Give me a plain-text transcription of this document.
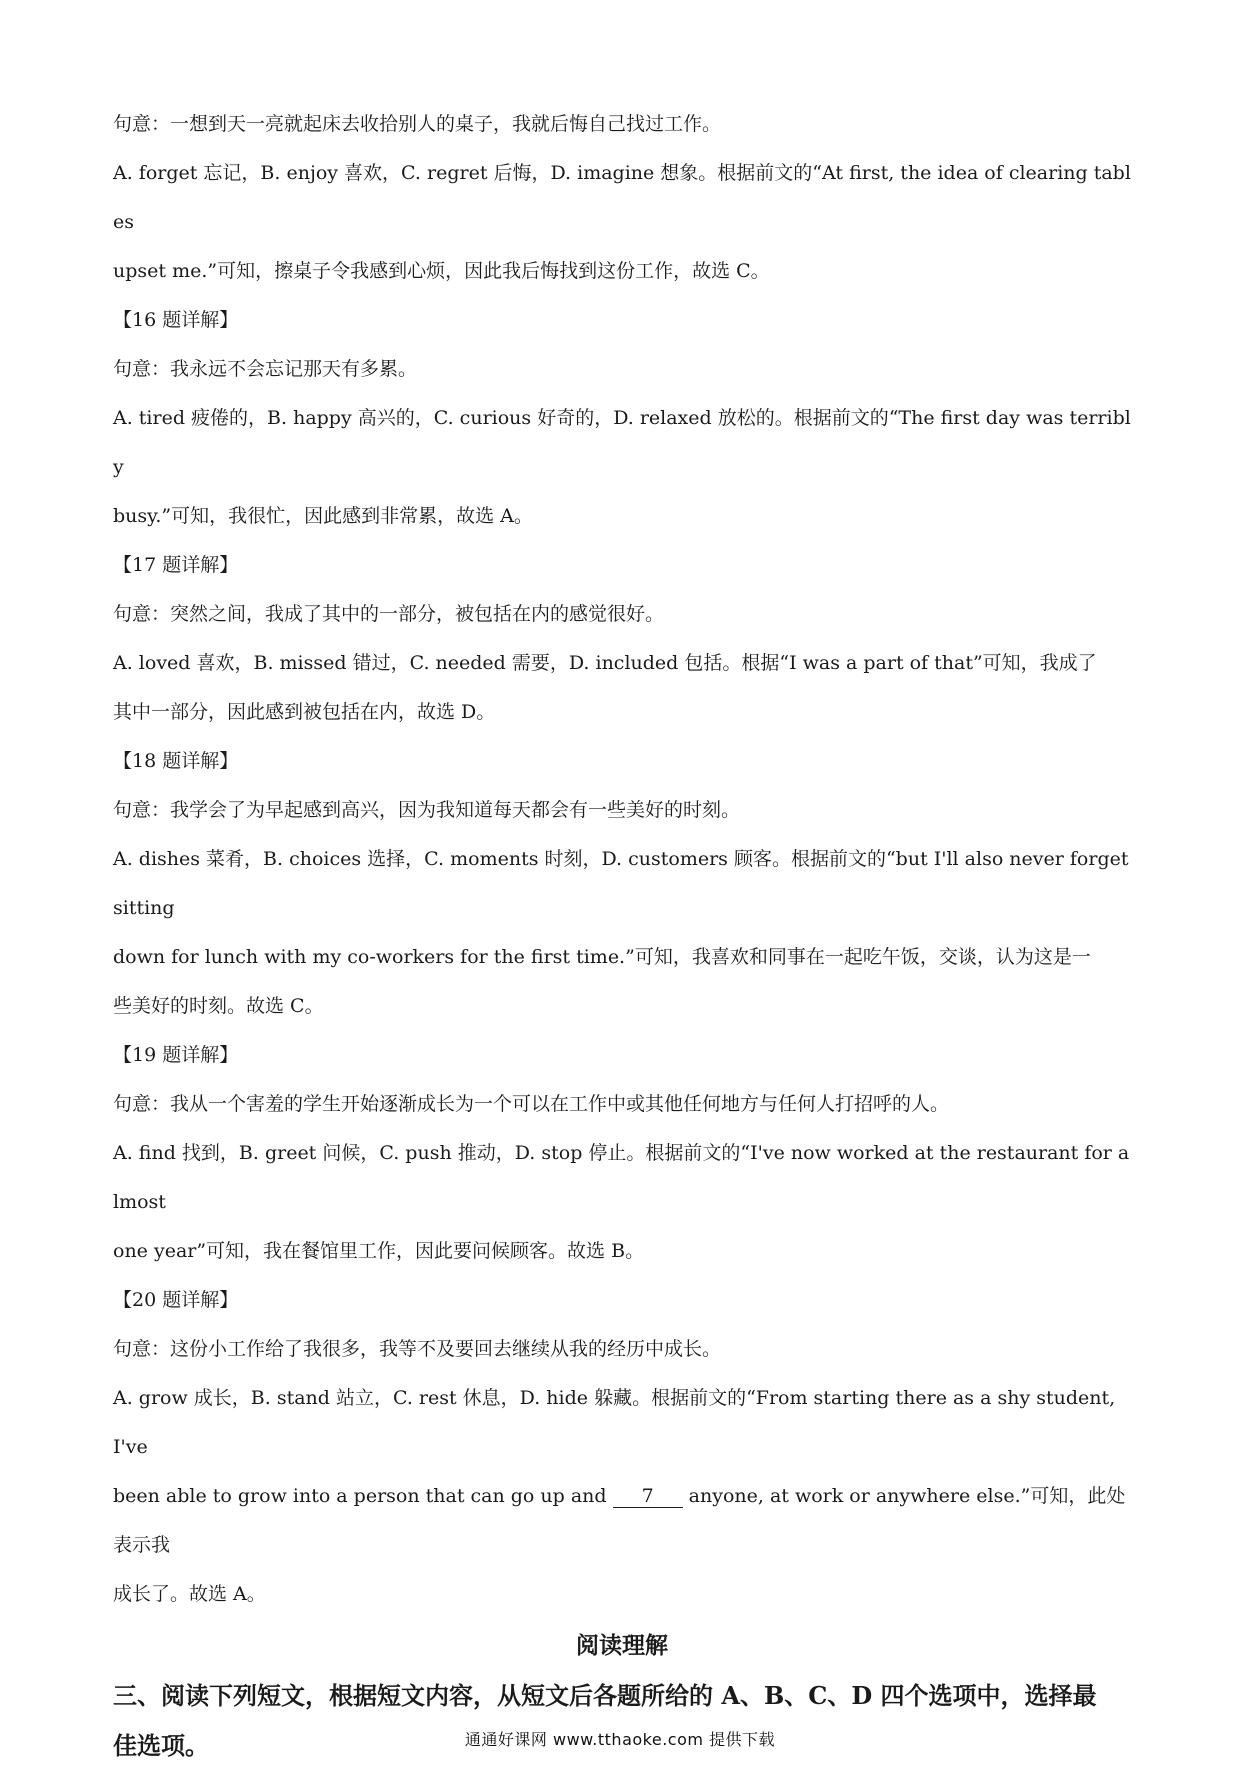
句意：一想到天一亮就起床去收拾别人的桌子，我就后悔自己找过工作。

A. forget 忘记，B. enjoy 喜欢，C. regret 后悔，D. imagine 想象。根据前文的“At first, the idea of clearing tables

upset me.”可知，擦桌子令我感到心烦，因此我后悔找到这份工作，故选 C。

【16 题详解】

句意：我永远不会忘记那天有多累。

A. tired 疲倦的，B. happy 高兴的，C. curious 好奇的，D. relaxed 放松的。根据前文的“The first day was terribly

busy.”可知，我很忙，因此感到非常累，故选 A。

【17 题详解】

句意：突然之间，我成了其中的一部分，被包括在内的感觉很好。

A. loved 喜欢，B. missed 错过，C. needed 需要，D. included 包括。根据“I was a part of that”可知，我成了

其中一部分，因此感到被包括在内，故选 D。

【18 题详解】

句意：我学会了为早起感到高兴，因为我知道每天都会有一些美好的时刻。

A. dishes 菜肴，B. choices 选择，C. moments 时刻，D. customers 顾客。根据前文的“but I'll also never forget sitting

down for lunch with my co-workers for the first time.”可知，我喜欢和同事在一起吃午饭，交谈，认为这是一

些美好的时刻。故选 C。

【19 题详解】

句意：我从一个害羞的学生开始逐渐成长为一个可以在工作中或其他任何地方与任何人打招呼的人。

A. find 找到，B. greet 问候，C. push 推动，D. stop 停止。根据前文的“I've now worked at the restaurant for almost

one year”可知，我在餐馆里工作，因此要问候顾客。故选 B。

【20 题详解】

句意：这份小工作给了我很多，我等不及要回去继续从我的经历中成长。

A. grow 成长，B. stand 站立，C. rest 休息，D. hide 躲藏。根据前文的“From starting there as a shy student, I've

been able to grow into a person that can go up and 7 anyone, at work or anywhere else.”可知，此处表示我

成长了。故选 A。

阅读理解

三、阅读下列短文，根据短文内容，从短文后各题所给的 A、B、C、D 四个选项中，选择最

佳选项。	通通好课网 www.tthaoke.com 提供下载
